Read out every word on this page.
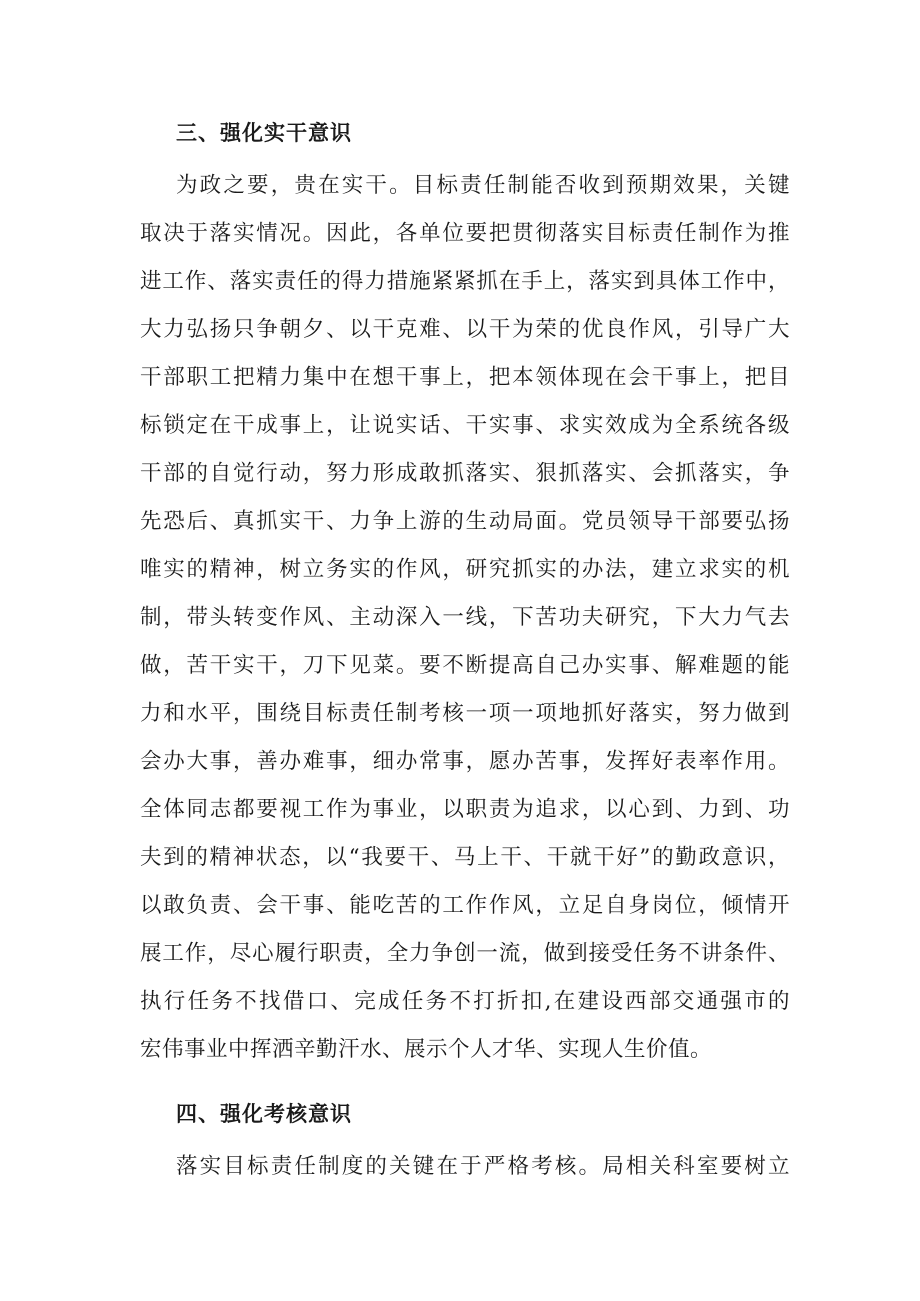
三、强化实干意识
为政之要，贵在实干。目标责任制能否收到预期效果，关键
取决于落实情况。因此，各单位要把贯彻落实目标责任制作为推
进工作、落实责任的得力措施紧紧抓在手上，落实到具体工作中，
大力弘扬只争朝夕、以干克难、以干为荣的优良作风，引导广大
干部职工把精力集中在想干事上，把本领体现在会干事上，把目
标锁定在干成事上，让说实话、干实事、求实效成为全系统各级
干部的自觉行动，努力形成敢抓落实、狠抓落实、会抓落实，争
先恐后、真抓实干、力争上游的生动局面。党员领导干部要弘扬
唯实的精神，树立务实的作风，研究抓实的办法，建立求实的机
制，带头转变作风、主动深入一线，下苦功夫研究，下大力气去
做，苦干实干，刀下见菜。要不断提高自己办实事、解难题的能
力和水平，围绕目标责任制考核一项一项地抓好落实，努力做到
会办大事，善办难事，细办常事，愿办苦事，发挥好表率作用。
全体同志都要视工作为事业，以职责为追求，以心到、力到、功
夫到的精神状态，以“我要干、马上干、干就干好”的勤政意识，
以敢负责、会干事、能吃苦的工作作风，立足自身岗位，倾情开
展工作，尽心履行职责，全力争创一流，做到接受任务不讲条件、
执行任务不找借口、完成任务不打折扣,在建设西部交通强市的
宏伟事业中挥洒辛勤汗水、展示个人才华、实现人生价值。
四、强化考核意识
落实目标责任制度的关键在于严格考核。局相关科室要树立
